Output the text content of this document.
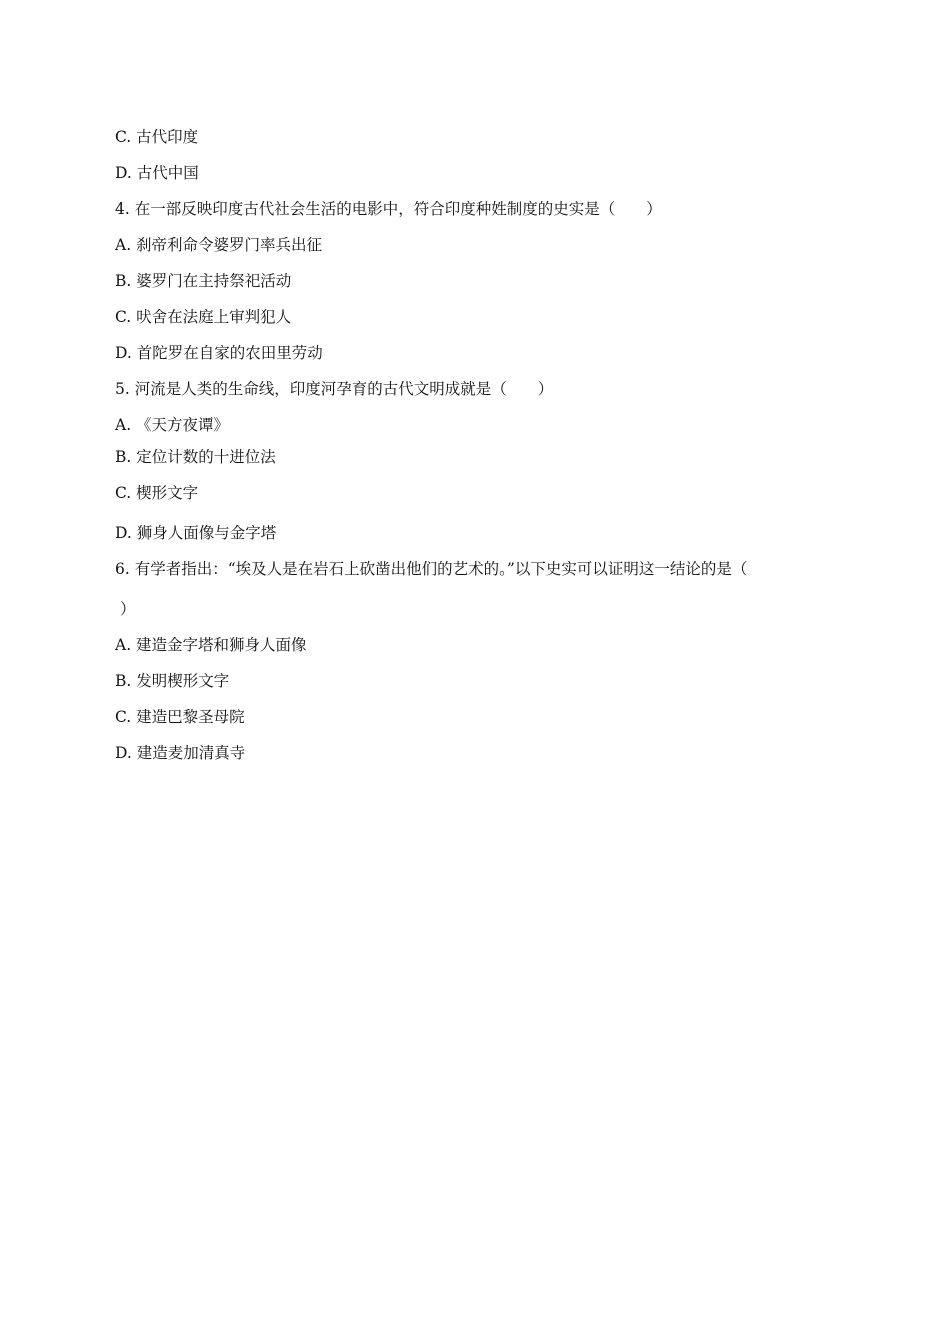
C. 古代印度
D. 古代中国
4. 在一部反映印度古代社会生活的电影中，符合印度种姓制度的史实是（　　）
A. 刹帝利命令婆罗门率兵出征
B. 婆罗门在主持祭祀活动
C. 吠舍在法庭上审判犯人
D. 首陀罗在自家的农田里劳动
5. 河流是人类的生命线，印度河孕育的古代文明成就是（　　）
A. 《天方夜谭》
B. 定位计数的十进位法
C. 楔形文字
D. 狮身人面像与金字塔
6. 有学者指出：“埃及人是在岩石上砍凿出他们的艺术的。”以下史实可以证明这一结论的是（
）
A. 建造金字塔和狮身人面像
B. 发明楔形文字
C. 建造巴黎圣母院
D. 建造麦加清真寺
